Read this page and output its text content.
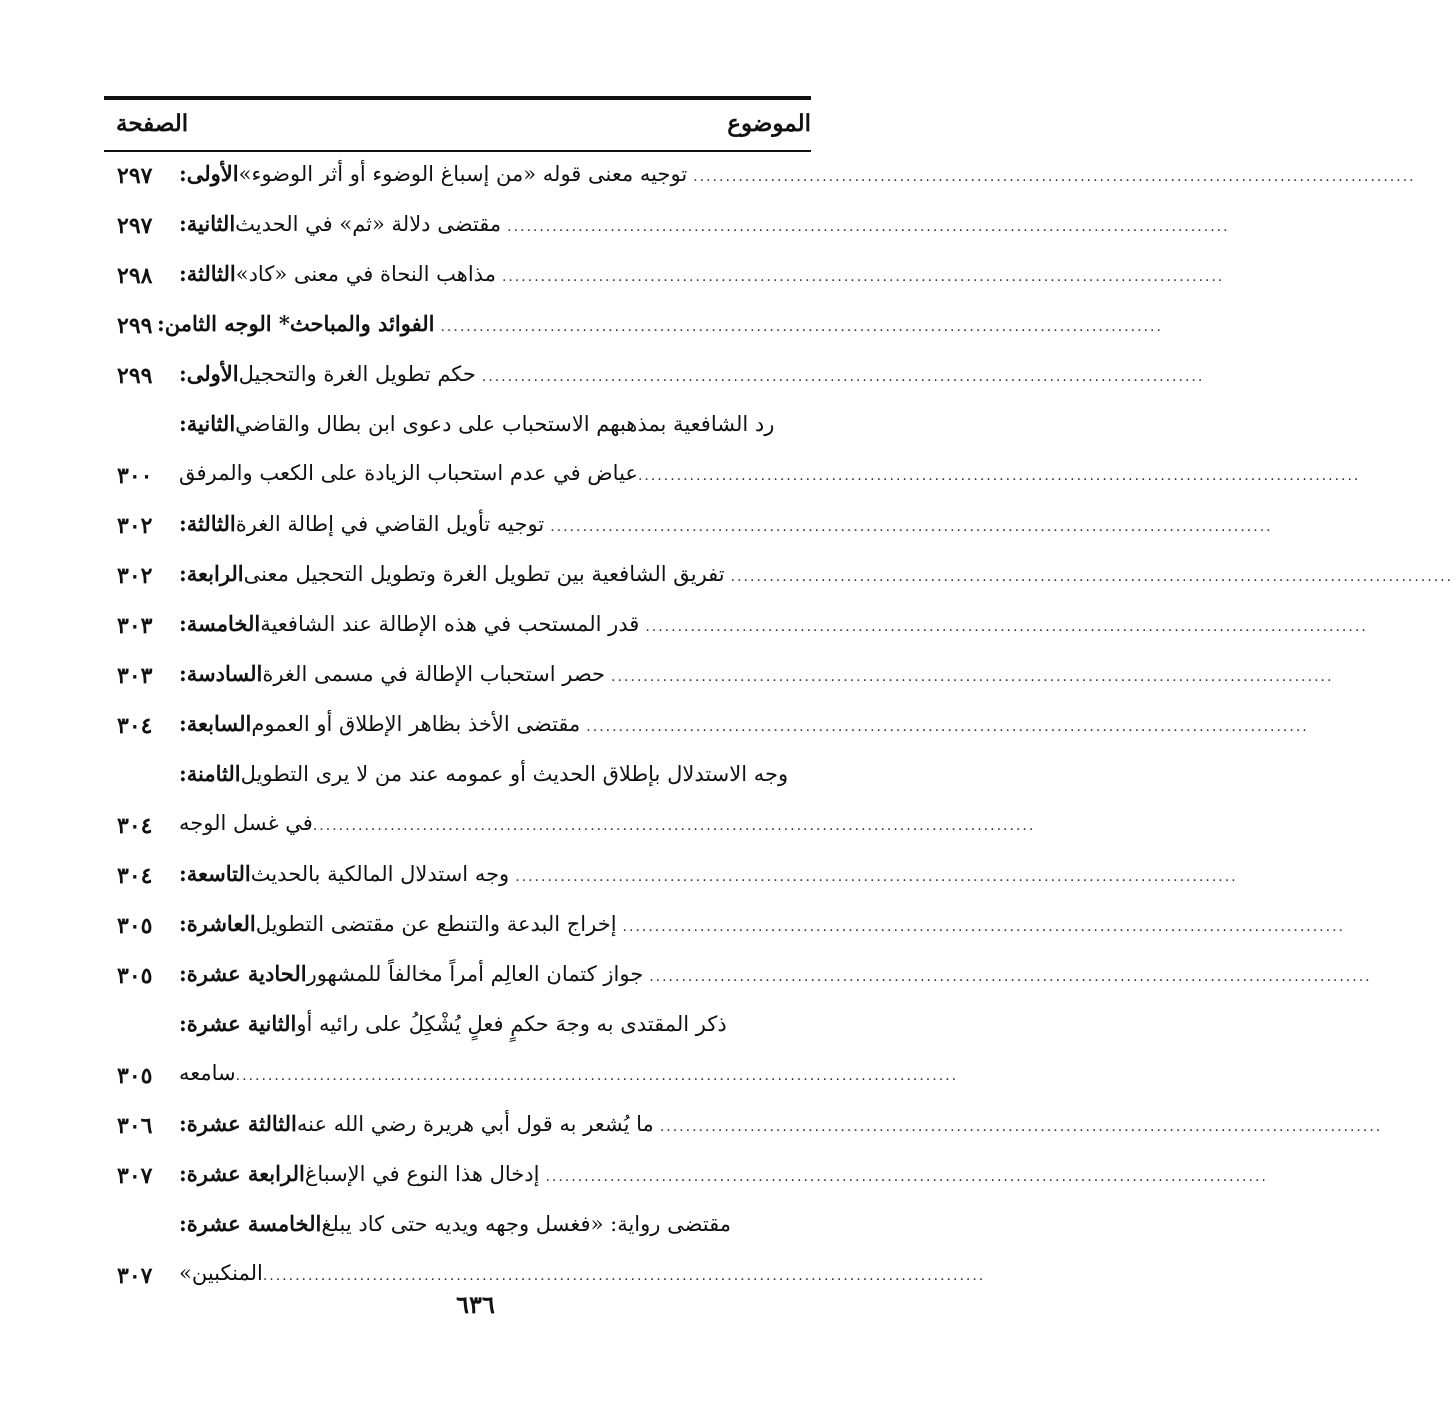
الموضوع
الصفحة
الأولى: توجيه معنى قوله «من إسباغ الوضوء أو أثر الوضوء» ................................................................................................................
٢٩٧
الثانية: مقتضى دلالة «ثم» في الحديث ................................................................................................................
٢٩٧
الثالثة: مذاهب النحاة في معنى «كاد» ................................................................................................................
٢٩٨
* الوجه الثامن: الفوائد والمباحث ................................................................................................................
٢٩٩
الأولى: حكم تطويل الغرة والتحجيل ................................................................................................................
٢٩٩
الثانية: رد الشافعية بمذهبهم الاستحباب على دعوى ابن بطال والقاضي
عياض في عدم استحباب الزيادة على الكعب والمرفق ................................................................................................................
٣٠٠
الثالثة: توجيه تأويل القاضي في إطالة الغرة ................................................................................................................
٣٠٢
الرابعة: تفريق الشافعية بين تطويل الغرة وتطويل التحجيل معنى ................................................................................................................
٣٠٢
الخامسة: قدر المستحب في هذه الإطالة عند الشافعية ................................................................................................................
٣٠٣
السادسة: حصر استحباب الإطالة في مسمى الغرة ................................................................................................................
٣٠٣
السابعة: مقتضى الأخذ بظاهر الإطلاق أو العموم ................................................................................................................
٣٠٤
الثامنة: وجه الاستدلال بإطلاق الحديث أو عمومه عند من لا يرى التطويل
في غسل الوجه ................................................................................................................
٣٠٤
التاسعة: وجه استدلال المالكية بالحديث ................................................................................................................
٣٠٤
العاشرة: إخراج البدعة والتنطع عن مقتضى التطويل ................................................................................................................
٣٠٥
الحادية عشرة: جواز كتمان العالِم أمراً مخالفاً للمشهور ................................................................................................................
٣٠٥
الثانية عشرة: ذكر المقتدى به وجهَ حكمٍ فعلٍ يُشْكِلُ على رائيه أو
سامعه ................................................................................................................
٣٠٥
الثالثة عشرة: ما يُشعر به قول أبي هريرة رضي الله عنه ................................................................................................................
٣٠٦
الرابعة عشرة: إدخال هذا النوع في الإسباغ ................................................................................................................
٣٠٧
الخامسة عشرة: مقتضى رواية: «فغسل وجهه ويديه حتى كاد يبلغ
المنكبين» ................................................................................................................
٣٠٧
٦٣٦
